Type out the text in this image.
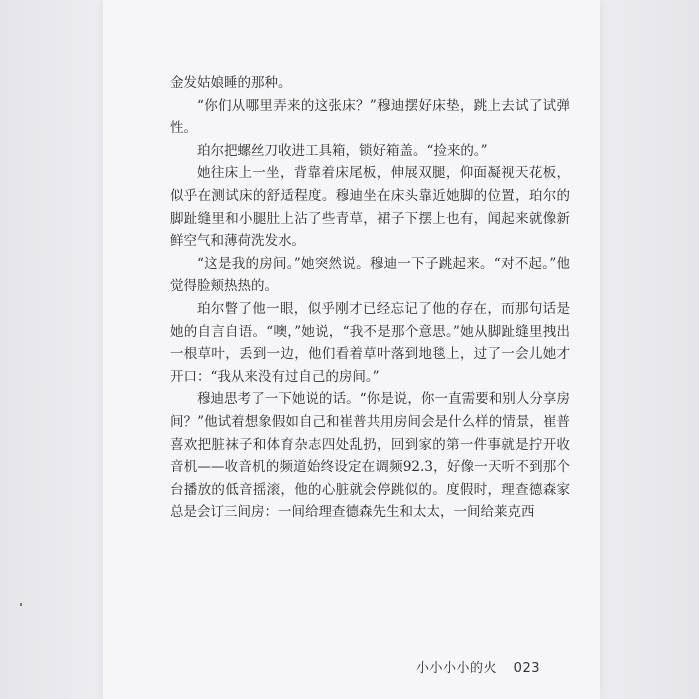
金发姑娘睡的那种。

“你们从哪里弄来的这张床？”穆迪摆好床垫，跳上去试了试弹性。

珀尔把螺丝刀收进工具箱，锁好箱盖。“捡来的。”

她往床上一坐，背靠着床尾板，伸展双腿，仰面凝视天花板，似乎在测试床的舒适程度。穆迪坐在床头靠近她脚的位置，珀尔的脚趾缝里和小腿肚上沾了些青草，裙子下摆上也有，闻起来就像新鲜空气和薄荷洗发水。

“这是我的房间。”她突然说。穆迪一下子跳起来。“对不起。”他觉得脸颊热热的。

珀尔瞥了他一眼，似乎刚才已经忘记了他的存在，而那句话是她的自言自语。“噢，”她说，“我不是那个意思。”她从脚趾缝里拽出一根草叶，丢到一边，他们看着草叶落到地毯上，过了一会儿她才开口：“我从来没有过自己的房间。”

穆迪思考了一下她说的话。“你是说，你一直需要和别人分享房间？”他试着想象假如自己和崔普共用房间会是什么样的情景，崔普喜欢把脏袜子和体育杂志四处乱扔，回到家的第一件事就是拧开收音机——收音机的频道始终设定在调频92.3，好像一天听不到那个台播放的低音摇滚，他的心脏就会停跳似的。度假时，理查德森家总是会订三间房：一间给理查德森先生和太太，一间给莱克西

小小小小的火 023
